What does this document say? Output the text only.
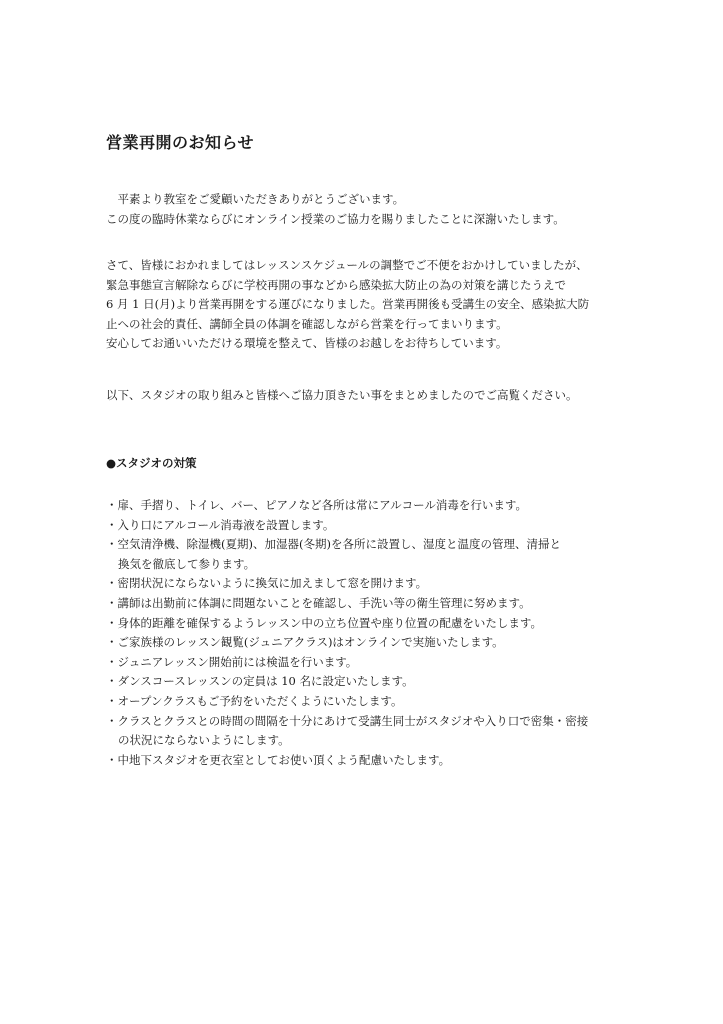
営業再開のお知らせ

　平素より教室をご愛顧いただきありがとうございます。

この度の臨時休業ならびにオンライン授業のご協力を賜りましたことに深謝いたします。

さて、皆様におかれましてはレッスンスケジュールの調整でご不便をおかけしていましたが、

緊急事態宣言解除ならびに学校再開の事などから感染拡大防止の為の対策を講じたうえで

6 月 1 日(月)より営業再開をする運びになりました。営業再開後も受講生の安全、感染拡大防

止への社会的責任、講師全員の体調を確認しながら営業を行ってまいります。

安心してお通いいただける環境を整えて、皆様のお越しをお待ちしています。

以下、スタジオの取り組みと皆様へご協力頂きたい事をまとめましたのでご高覧ください。

●スタジオの対策
・扉、手摺り、トイレ、バー、ピアノなど各所は常にアルコール消毒を行います。
・入り口にアルコール消毒液を設置します。
・空気清浄機、除湿機(夏期)、加湿器(冬期)を各所に設置し、湿度と温度の管理、清掃と
換気を徹底して参ります。
・密閉状況にならないように換気に加えまして窓を開けます。
・講師は出勤前に体調に問題ないことを確認し、手洗い等の衛生管理に努めます。
・身体的距離を確保するようレッスン中の立ち位置や座り位置の配慮をいたします。
・ご家族様のレッスン観覧(ジュニアクラス)はオンラインで実施いたします。
・ジュニアレッスン開始前には検温を行います。
・ダンスコースレッスンの定員は 10 名に設定いたします。
・オープンクラスもご予約をいただくようにいたします。
・クラスとクラスとの時間の間隔を十分にあけて受講生同士がスタジオや入り口で密集・密接
の状況にならないようにします。
・中地下スタジオを更衣室としてお使い頂くよう配慮いたします。
